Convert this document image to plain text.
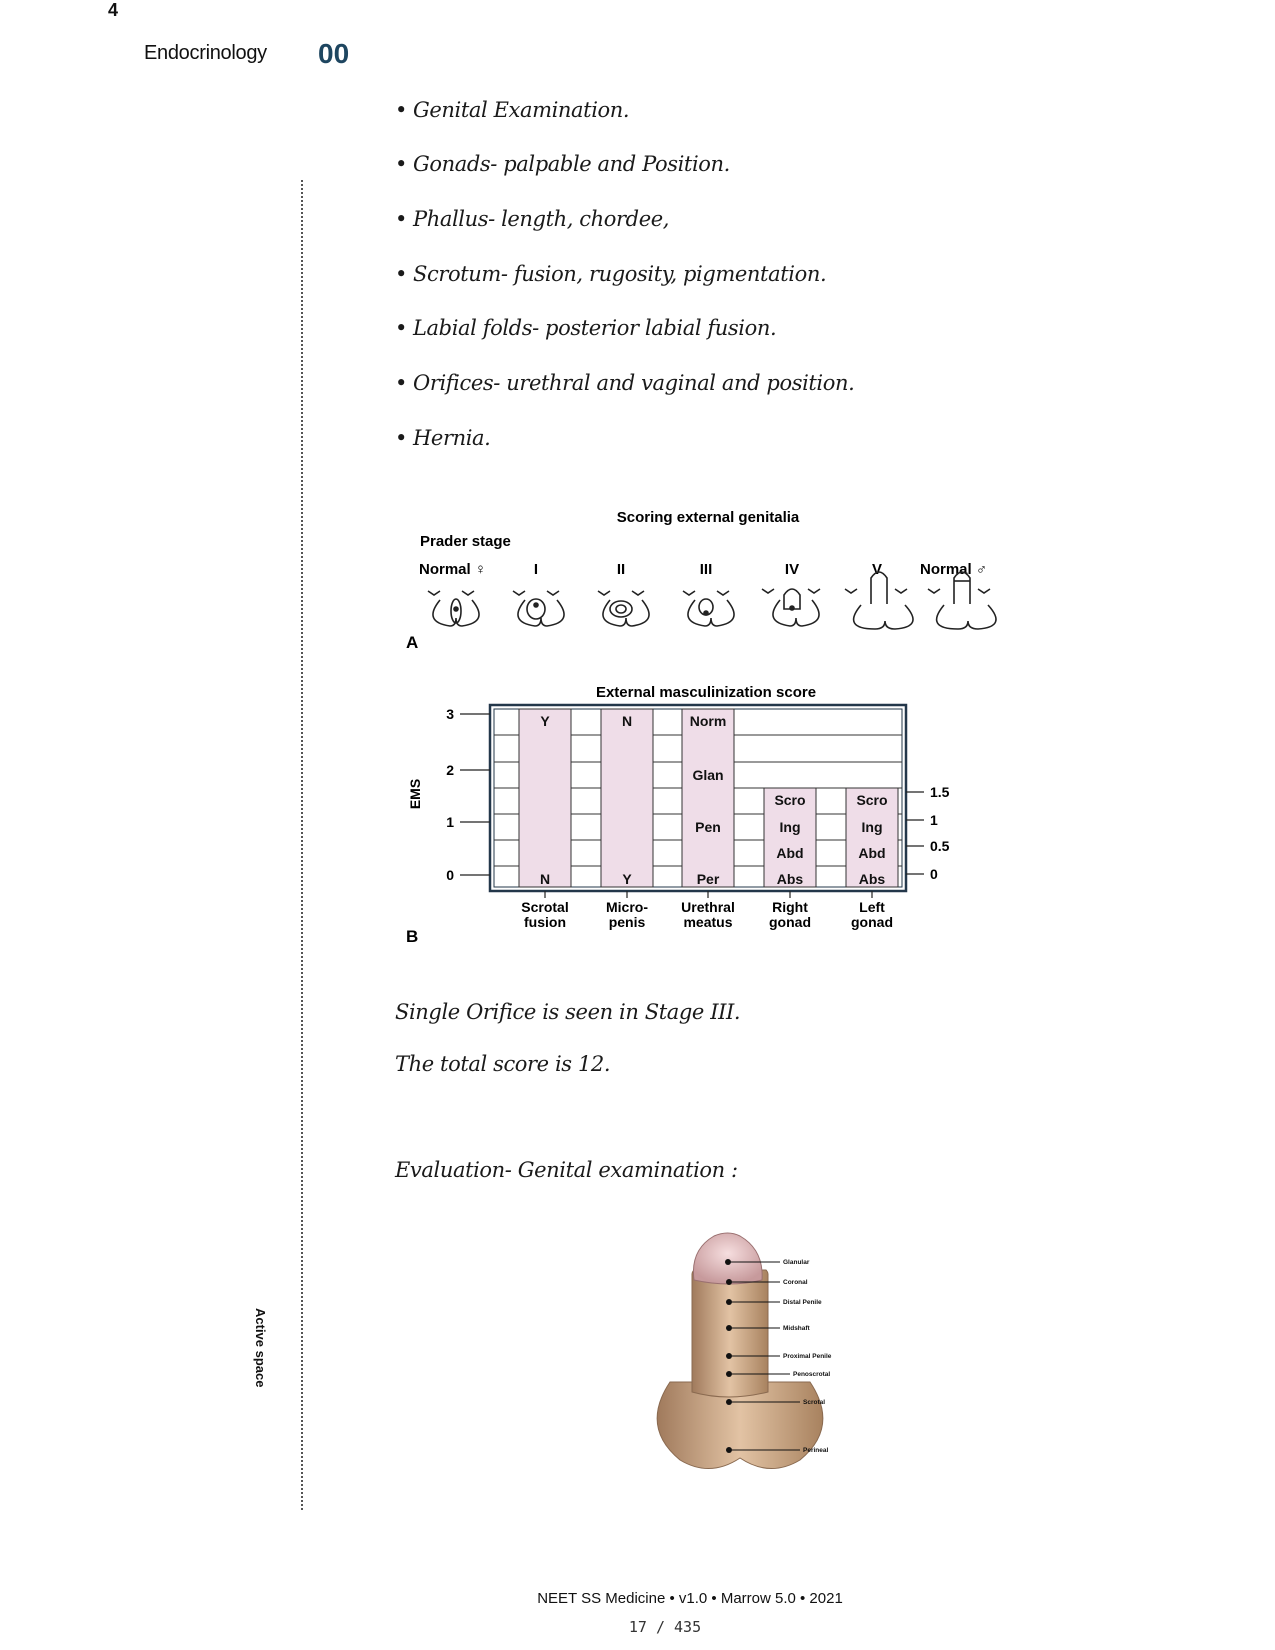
4
Endocrinology 00
Active space
• Genital Examination.
• Gonads- palpable and Position.
• Phallus- length, chordee,
• Scrotum- fusion, rugosity, pigmentation.
• Labial folds- posterior labial fusion.
• Orifices- urethral and vaginal and position.
• Hernia.
Scoring external genitalia
Prader stage
Normal ♀	I	II	III	IV	V	Normal ♂
A
External masculinization score
Y
N
N
Y
Norm
Glan
Pen
Per
Scro
Ing
Abd
Abs
Scro
Ing
Abd
Abs
3
2
1
0
EMS	1.5
1
0.5
0
Scrotal
fusion
Micro-
penis
Urethral
meatus
Right
gonad
Left
gonad
B
Single Orifice is seen in Stage III.
The total score is 12.
Evaluation- Genital examination :
Glanular
Coronal
Distal Penile
Midshaft
Proximal Penile
Penoscrotal
Scrotal
Perineal
NEET SS Medicine • v1.0 • Marrow 5.0 • 2021
17 / 435
